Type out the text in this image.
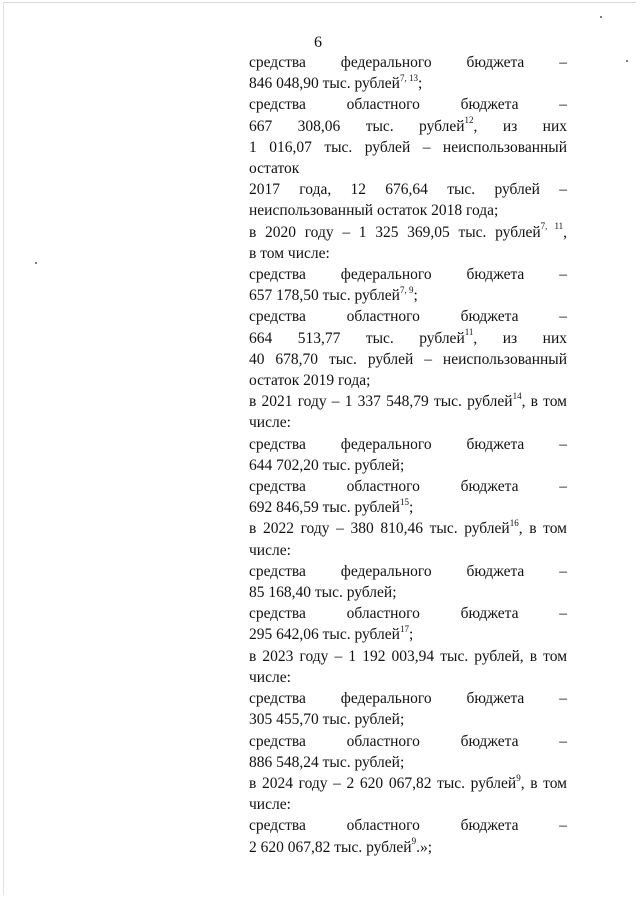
6
средства федерального бюджета –
846 048,90 тыс. рублей$^{7, 13}$;
средства областного бюджета –
667 308,06 тыс. рублей$^{12}$, из них
1 016,07 тыс. рублей – неиспользованный остаток
2017 года, 12 676,64 тыс. рублей –
неиспользованный остаток 2018 года;
в 2020 году – 1 325 369,05 тыс. рублей$^{7, 11}$,
в том числе:
средства федерального бюджета –
657 178,50 тыс. рублей$^{7, 9}$;
средства областного бюджета –
664 513,77 тыс. рублей$^{11}$, из них
40 678,70 тыс. рублей – неиспользованный
остаток 2019 года;
в 2021 году – 1 337 548,79 тыс. рублей$^{14}$, в том
числе:
средства федерального бюджета –
644 702,20 тыс. рублей;
средства областного бюджета –
692 846,59 тыс. рублей$^{15}$;
в 2022 году – 380 810,46 тыс. рублей$^{16}$, в том
числе:
средства федерального бюджета –
85 168,40 тыс. рублей;
средства областного бюджета –
295 642,06 тыс. рублей$^{17}$;
в 2023 году – 1 192 003,94 тыс. рублей, в том
числе:
средства федерального бюджета –
305 455,70 тыс. рублей;
средства областного бюджета –
886 548,24 тыс. рублей;
в 2024 году – 2 620 067,82 тыс. рублей$^9$, в том
числе:
средства областного бюджета –
2 620 067,82 тыс. рублей$^9$.»;
